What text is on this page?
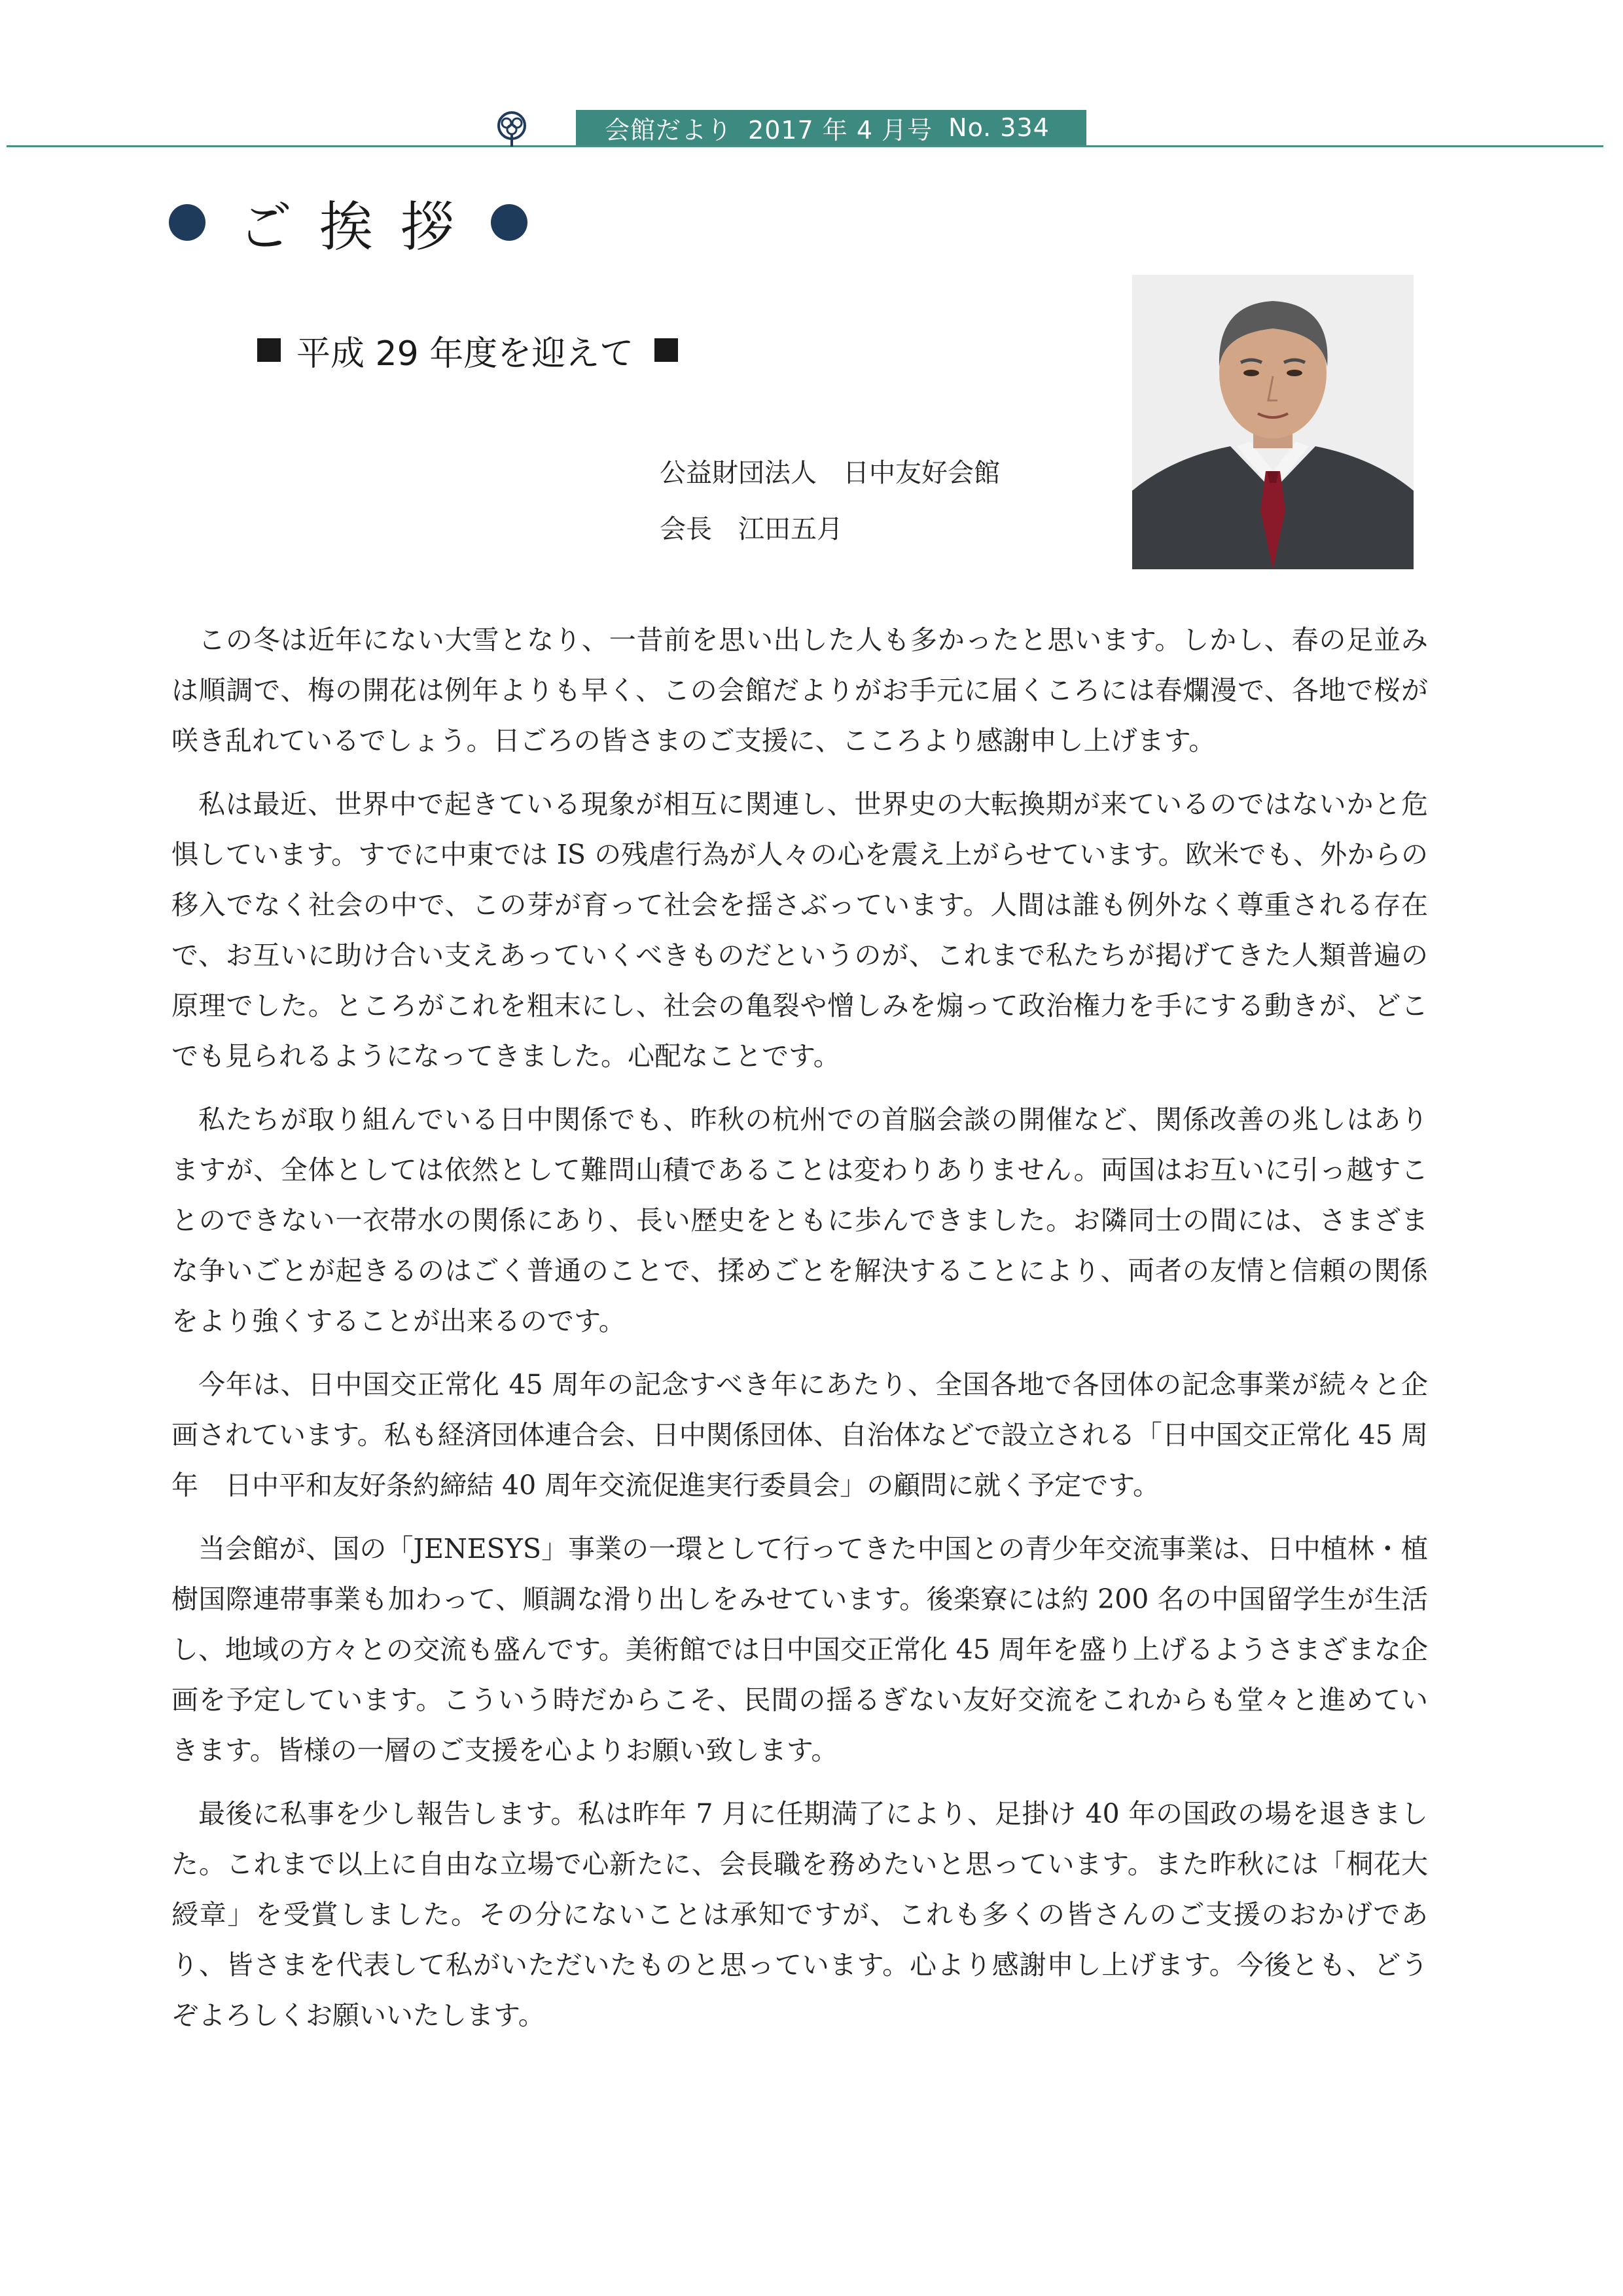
会館だより 2017 年 4 月号 No. 334
ご挨拶
平成 29 年度を迎えて
公益財団法人　日中友好会館
会長　江田五月

この冬は近年にない大雪となり、一昔前を思い出した人も多かったと思います。しかし、春の足並みは順調で、梅の開花は例年よりも早く、この会館だよりがお手元に届くころには春爛漫で、各地で桜が咲き乱れているでしょう。日ごろの皆さまのご支援に、こころより感謝申し上げます。

私は最近、世界中で起きている現象が相互に関連し、世界史の大転換期が来ているのではないかと危惧しています。すでに中東では IS の残虐行為が人々の心を震え上がらせています。欧米でも、外からの移入でなく社会の中で、この芽が育って社会を揺さぶっています。人間は誰も例外なく尊重される存在で、お互いに助け合い支えあっていくべきものだというのが、これまで私たちが掲げてきた人類普遍の原理でした。ところがこれを粗末にし、社会の亀裂や憎しみを煽って政治権力を手にする動きが、どこでも見られるようになってきました。心配なことです。

私たちが取り組んでいる日中関係でも、昨秋の杭州での首脳会談の開催など、関係改善の兆しはありますが、全体としては依然として難問山積であることは変わりありません。両国はお互いに引っ越すことのできない一衣帯水の関係にあり、長い歴史をともに歩んできました。お隣同士の間には、さまざまな争いごとが起きるのはごく普通のことで、揉めごとを解決することにより、両者の友情と信頼の関係をより強くすることが出来るのです。

今年は、日中国交正常化 45 周年の記念すべき年にあたり、全国各地で各団体の記念事業が続々と企画されています。私も経済団体連合会、日中関係団体、自治体などで設立される「日中国交正常化 45 周年　日中平和友好条約締結 40 周年交流促進実行委員会」の顧問に就く予定です。

当会館が、国の「JENESYS」事業の一環として行ってきた中国との青少年交流事業は、日中植林・植樹国際連帯事業も加わって、順調な滑り出しをみせています。後楽寮には約 200 名の中国留学生が生活し、地域の方々との交流も盛んです。美術館では日中国交正常化 45 周年を盛り上げるようさまざまな企画を予定しています。こういう時だからこそ、民間の揺るぎない友好交流をこれからも堂々と進めていきます。皆様の一層のご支援を心よりお願い致します。

最後に私事を少し報告します。私は昨年 7 月に任期満了により、足掛け 40 年の国政の場を退きました。これまで以上に自由な立場で心新たに、会長職を務めたいと思っています。また昨秋には「桐花大綬章」を受賞しました。その分にないことは承知ですが、これも多くの皆さんのご支援のおかげであり、皆さまを代表して私がいただいたものと思っています。心より感謝申し上げます。今後とも、どうぞよろしくお願いいたします。
